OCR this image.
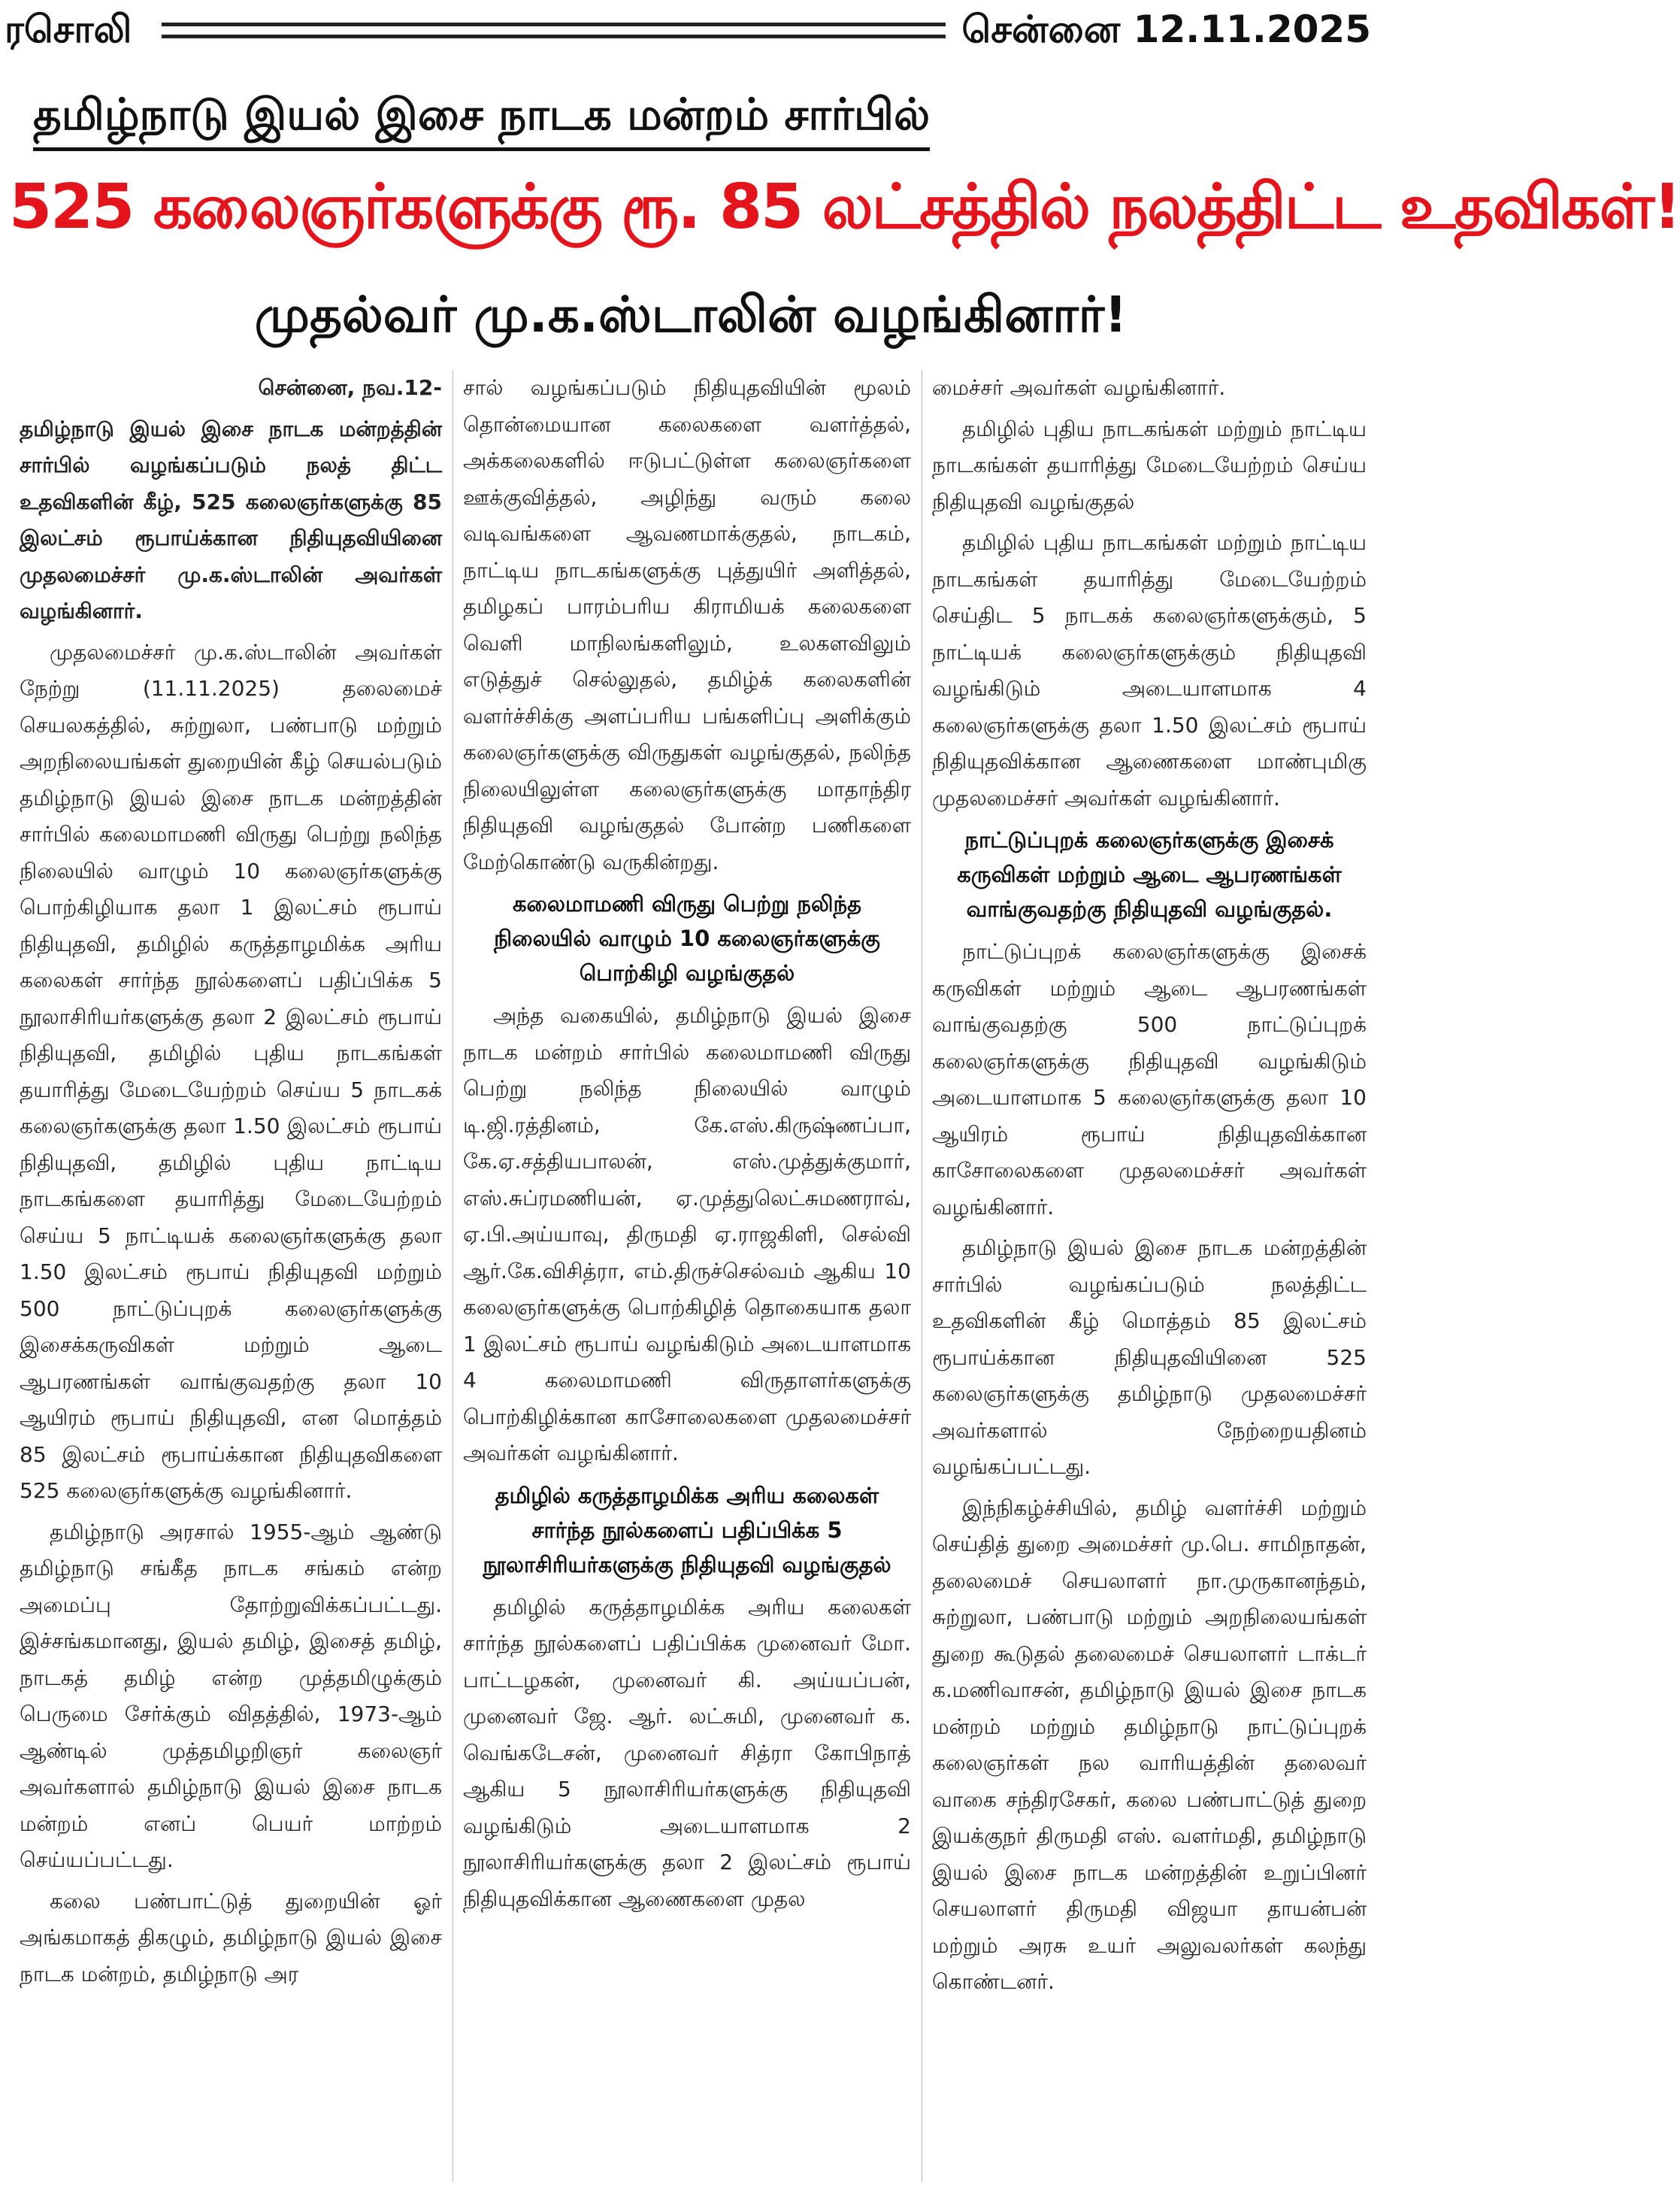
ரசொலி	சென்னை 12.11.2025
தமிழ்நாடு இயல் இசை நாடக மன்றம் சார்பில்
525 கலைஞர்களுக்கு ரூ. 85 லட்சத்தில் நலத்திட்ட உதவிகள்!
முதல்வர் மு.க.ஸ்டாலின் வழங்கினார்!

சென்னை, நவ.12-

தமிழ்நாடு இயல் இசை நாடக மன்றத்தின் சார்பில் வழங்கப்படும் நலத் திட்ட உதவிகளின் கீழ், 525 கலைஞர்களுக்கு 85 இலட்சம் ரூபாய்க்கான நிதியுதவியினை முதலமைச்சர் மு.க.ஸ்டாலின் அவர்கள் வழங்கினார்.

முதலமைச்சர் மு.க.ஸ்டாலின் அவர்கள் நேற்று (11.11.2025) தலைமைச் செயலகத்தில், சுற்றுலா, பண்பாடு மற்றும் அறநிலையங்கள் துறையின் கீழ் செயல்படும் தமிழ்நாடு இயல் இசை நாடக மன்றத்தின் சார்பில் கலைமாமணி விருது பெற்று நலிந்த நிலையில் வாழும் 10 கலைஞர்களுக்கு பொற்கிழியாக தலா 1 இலட்சம் ரூபாய் நிதியுதவி, தமிழில் கருத்தாழமிக்க அரிய கலைகள் சார்ந்த நூல்களைப் பதிப்பிக்க 5 நூலாசிரியர்களுக்கு தலா 2 இலட்சம் ரூபாய் நிதியுதவி, தமிழில் புதிய நாடகங்கள் தயாரித்து மேடையேற்றம் செய்ய 5 நாடகக் கலைஞர்களுக்கு தலா 1.50 இலட்சம் ரூபாய் நிதியுதவி, தமிழில் புதிய நாட்டிய நாடகங்களை தயாரித்து மேடையேற்றம் செய்ய 5 நாட்டியக் கலைஞர்களுக்கு தலா 1.50 இலட்சம் ரூபாய் நிதியுதவி மற்றும் 500 நாட்டுப்புறக் கலைஞர்களுக்கு இசைக்கருவிகள் மற்றும் ஆடை ஆபரணங்கள் வாங்குவதற்கு தலா 10 ஆயிரம் ரூபாய் நிதியுதவி, என மொத்தம் 85 இலட்சம் ரூபாய்க்கான நிதியுதவிகளை 525 கலைஞர்களுக்கு வழங்கினார்.

தமிழ்நாடு அரசால் 1955-ஆம் ஆண்டு தமிழ்நாடு சங்கீத நாடக சங்கம் என்ற அமைப்பு தோற்றுவிக்கப்பட்டது. இச்சங்கமானது, இயல் தமிழ், இசைத் தமிழ், நாடகத் தமிழ் என்ற முத்தமிழுக்கும் பெருமை சேர்க்கும் விதத்தில், 1973-ஆம் ஆண்டில் முத்தமிழறிஞர் கலைஞர் அவர்களால் தமிழ்நாடு இயல் இசை நாடக மன்றம் எனப் பெயர் மாற்றம் செய்யப்பட்டது.

கலை பண்பாட்டுத் துறையின் ஓர் அங்கமாகத் திகழும், தமிழ்நாடு இயல் இசை நாடக மன்றம், தமிழ்நாடு அர

சால் வழங்கப்படும் நிதியுதவியின் மூலம் தொன்மையான கலைகளை வளர்த்தல், அக்கலைகளில் ஈடுபட்டுள்ள கலைஞர்களை ஊக்குவித்தல், அழிந்து வரும் கலை வடிவங்களை ஆவணமாக்குதல், நாடகம், நாட்டிய நாடகங்களுக்கு புத்துயிர் அளித்தல், தமிழகப் பாரம்பரிய கிராமியக் கலைகளை வெளி மாநிலங்களிலும், உலகளவிலும் எடுத்துச் செல்லுதல், தமிழ்க் கலைகளின் வளர்ச்சிக்கு அளப்பரிய பங்களிப்பு அளிக்கும் கலைஞர்களுக்கு விருதுகள் வழங்குதல், நலிந்த நிலையிலுள்ள கலைஞர்களுக்கு மாதாந்திர நிதியுதவி வழங்குதல் போன்ற பணிகளை மேற்கொண்டு வருகின்றது.

கலைமாமணி விருது பெற்று நலிந்த நிலையில் வாழும் 10 கலைஞர்களுக்கு பொற்கிழி வழங்குதல்

அந்த வகையில், தமிழ்நாடு இயல் இசை நாடக மன்றம் சார்பில் கலைமாமணி விருது பெற்று நலிந்த நிலையில் வாழும் டி.ஜி.ரத்தினம், கே.எஸ்.கிருஷ்ணப்பா, கே.ஏ.சத்தியபாலன், எஸ்.முத்துக்குமார், எஸ்.சுப்ரமணியன், ஏ.முத்துலெட்சுமணராவ், ஏ.பி.அய்யாவு, திருமதி ஏ.ராஜகிளி, செல்வி ஆர்.கே.விசித்ரா, எம்.திருச்செல்வம் ஆகிய 10 கலைஞர்களுக்கு பொற்கிழித் தொகையாக தலா 1 இலட்சம் ரூபாய் வழங்கிடும் அடையாளமாக 4 கலைமாமணி விருதாளர்களுக்கு பொற்கிழிக்கான காசோலைகளை முதலமைச்சர் அவர்கள் வழங்கினார்.

தமிழில் கருத்தாழமிக்க அரிய கலைகள் சார்ந்த நூல்களைப் பதிப்பிக்க 5 நூலாசிரியர்களுக்கு நிதியுதவி வழங்குதல்

தமிழில் கருத்தாழமிக்க அரிய கலைகள் சார்ந்த நூல்களைப் பதிப்பிக்க முனைவர் மோ. பாட்டழகன், முனைவர் கி. அய்யப்பன், முனைவர் ஜே. ஆர். லட்சுமி, முனைவர் க. வெங்கடேசன், முனைவர் சித்ரா கோபிநாத் ஆகிய 5 நூலாசிரியர்களுக்கு நிதியுதவி வழங்கிடும் அடையாளமாக 2 நூலாசிரியர்களுக்கு தலா 2 இலட்சம் ரூபாய் நிதியுதவிக்கான ஆணைகளை முதல

மைச்சர் அவர்கள் வழங்கினார்.

தமிழில் புதிய நாடகங்கள் மற்றும் நாட்டிய நாடகங்கள் தயாரித்து மேடையேற்றம் செய்ய நிதியுதவி வழங்குதல்

தமிழில் புதிய நாடகங்கள் மற்றும் நாட்டிய நாடகங்கள் தயாரித்து மேடையேற்றம் செய்திட 5 நாடகக் கலைஞர்களுக்கும், 5 நாட்டியக் கலைஞர்களுக்கும் நிதியுதவி வழங்கிடும் அடையாளமாக 4 கலைஞர்களுக்கு தலா 1.50 இலட்சம் ரூபாய் நிதியுதவிக்கான ஆணைகளை மாண்புமிகு முதலமைச்சர் அவர்கள் வழங்கினார்.

நாட்டுப்புறக் கலைஞர்களுக்கு இசைக் கருவிகள் மற்றும் ஆடை ஆபரணங்கள் வாங்குவதற்கு நிதியுதவி வழங்குதல்.

நாட்டுப்புறக் கலைஞர்களுக்கு இசைக் கருவிகள் மற்றும் ஆடை ஆபரணங்கள் வாங்குவதற்கு 500 நாட்டுப்புறக் கலைஞர்களுக்கு நிதியுதவி வழங்கிடும் அடையாளமாக 5 கலைஞர்களுக்கு தலா 10 ஆயிரம் ரூபாய் நிதியுதவிக்கான காசோலைகளை முதலமைச்சர் அவர்கள் வழங்கினார்.

தமிழ்நாடு இயல் இசை நாடக மன்றத்தின் சார்பில் வழங்கப்படும் நலத்திட்ட உதவிகளின் கீழ் மொத்தம் 85 இலட்சம் ரூபாய்க்கான நிதியுதவியினை 525 கலைஞர்களுக்கு தமிழ்நாடு முதலமைச்சர் அவர்களால் நேற்றையதினம் வழங்கப்பட்டது.

இந்நிகழ்ச்சியில், தமிழ் வளர்ச்சி மற்றும் செய்தித் துறை அமைச்சர் மு.பெ. சாமிநாதன், தலைமைச் செயலாளர் நா.முருகானந்தம், சுற்றுலா, பண்பாடு மற்றும் அறநிலையங்கள் துறை கூடுதல் தலைமைச் செயலாளர் டாக்டர் க.மணிவாசன், தமிழ்நாடு இயல் இசை நாடக மன்றம் மற்றும் தமிழ்நாடு நாட்டுப்புறக் கலைஞர்கள் நல வாரியத்தின் தலைவர் வாகை சந்திரசேகர், கலை பண்பாட்டுத் துறை இயக்குநர் திருமதி எஸ். வளர்மதி, தமிழ்நாடு இயல் இசை நாடக மன்றத்தின் உறுப்பினர் செயலாளர் திருமதி விஜயா தாயன்பன் மற்றும் அரசு உயர் அலுவலர்கள் கலந்து கொண்டனர்.
